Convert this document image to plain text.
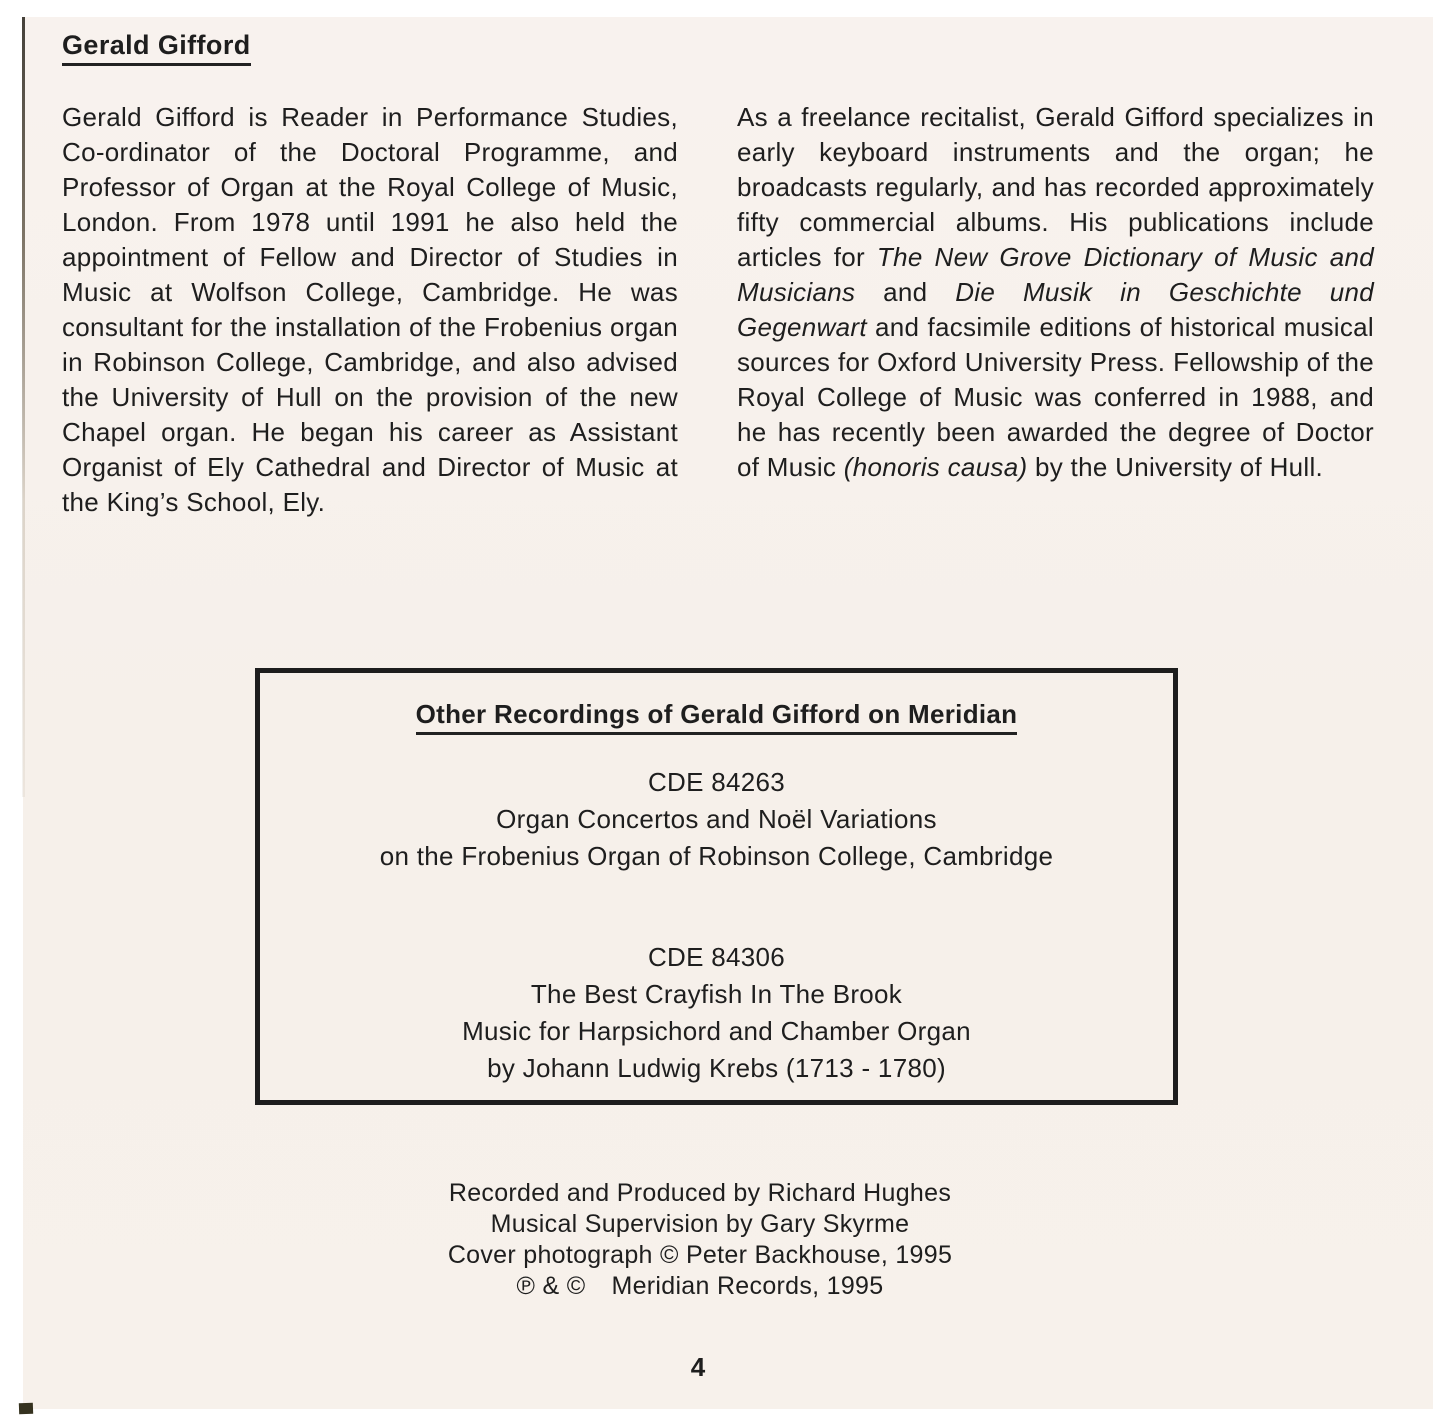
Gerald Gifford
Gerald Gifford is Reader in Performance Studies, Co-ordinator of the Doctoral Programme, and Professor of Organ at the Royal College of Music, London. From 1978 until 1991 he also held the appointment of Fellow and Director of Studies in Music at Wolfson College, Cambridge. He was consultant for the installation of the Frobenius organ in Robinson College, Cambridge, and also advised the University of Hull on the provision of the new Chapel organ. He began his career as Assistant Organist of Ely Cathedral and Director of Music at the King’s School, Ely.
As a freelance recitalist, Gerald Gifford specializes in early keyboard instruments and the organ; he broadcasts regularly, and has recorded approximately fifty commercial albums. His publications include articles for The New Grove Dictionary of Music and Musicians and Die Musik in Geschichte und Gegenwart and facsimile editions of historical musical sources for Oxford University Press. Fellowship of the Royal College of Music was conferred in 1988, and he has recently been awarded the degree of Doctor of Music (honoris causa) by the University of Hull.
Other Recordings of Gerald Gifford on Meridian
CDE 84263
Organ Concertos and Noël Variations
on the Frobenius Organ of Robinson College, Cambridge
CDE 84306
The Best Crayfish In The Brook
Music for Harpsichord and Chamber Organ
by Johann Ludwig Krebs (1713 - 1780)
Recorded and Produced by Richard Hughes
Musical Supervision by Gary Skyrme
Cover photograph © Peter Backhouse, 1995
℗ & © Meridian Records, 1995
4
